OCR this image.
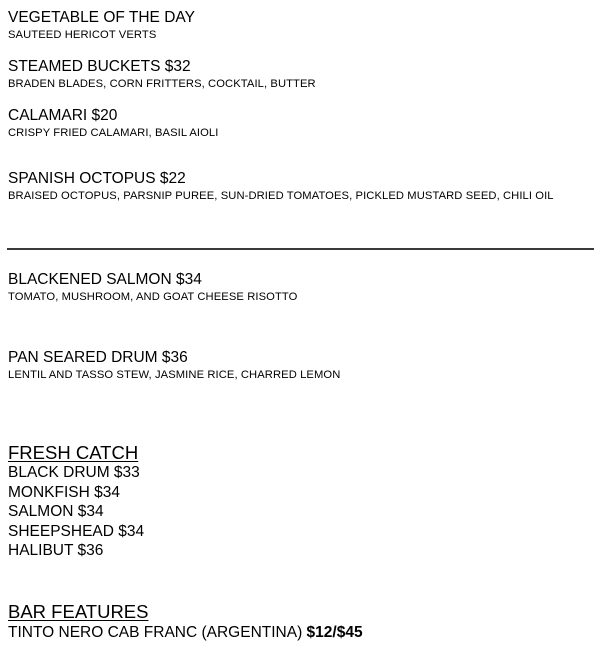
VEGETABLE OF THE DAY
SAUTEED HERICOT VERTS
STEAMED BUCKETS $32
BRADEN BLADES, CORN FRITTERS, COCKTAIL, BUTTER
CALAMARI $20
CRISPY FRIED CALAMARI, BASIL AIOLI
SPANISH OCTOPUS $22
BRAISED OCTOPUS, PARSNIP PUREE, SUN-DRIED TOMATOES, PICKLED MUSTARD SEED, CHILI OIL
BLACKENED SALMON $34
TOMATO, MUSHROOM, AND GOAT CHEESE RISOTTO
PAN SEARED DRUM $36
LENTIL AND TASSO STEW, JASMINE RICE, CHARRED LEMON
FRESH CATCH
BLACK DRUM $33
MONKFISH $34
SALMON $34
SHEEPSHEAD $34
HALIBUT $36
BAR FEATURES
TINTO NERO CAB FRANC (ARGENTINA) $12/$45
